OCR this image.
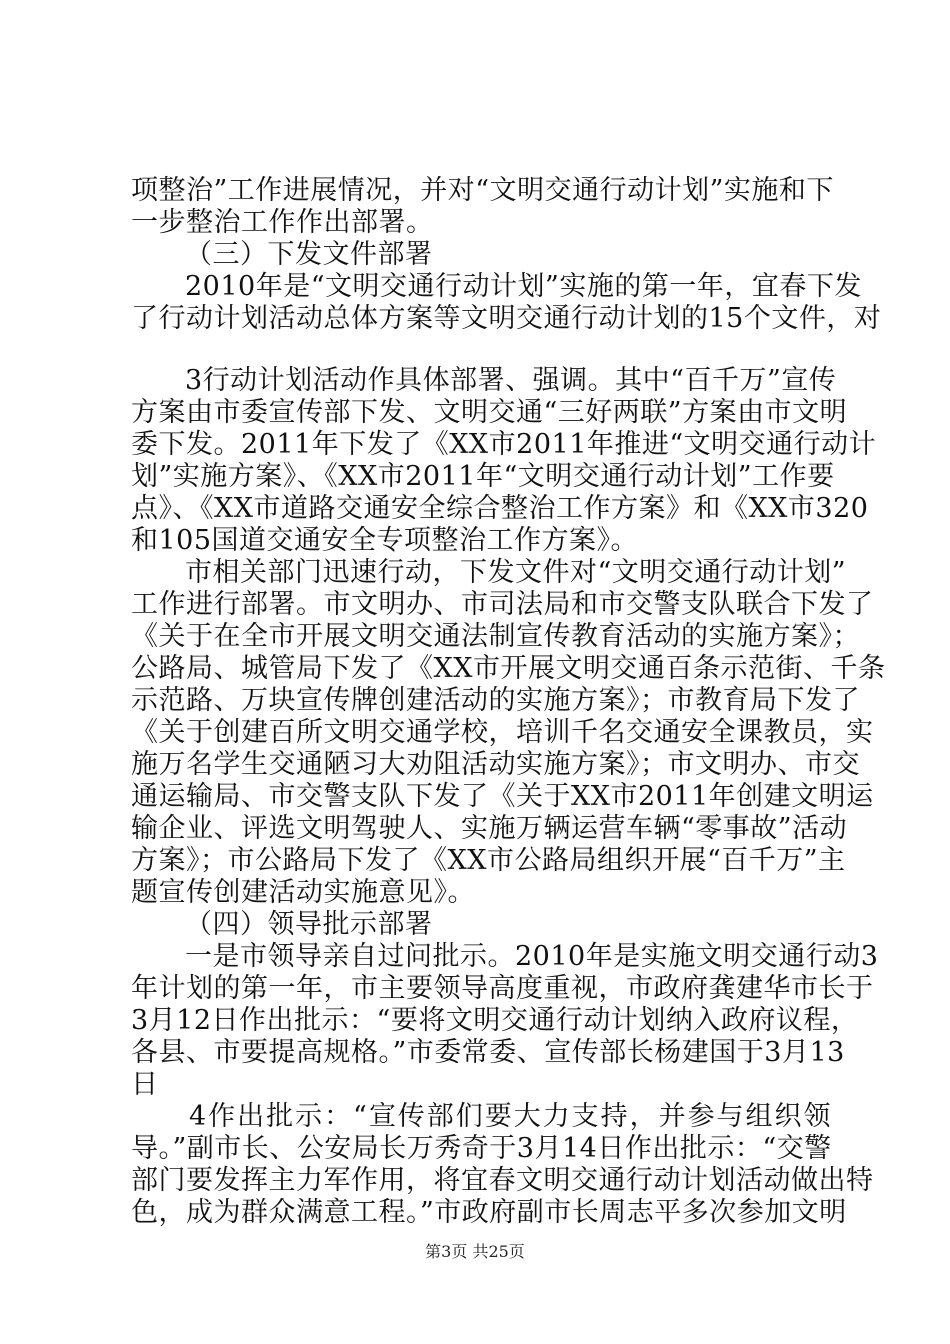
项整治”工作进展情况，并对“文明交通行动计划”实施和下
一步整治工作作出部署。
（三）下发文件部署
2010年是“文明交通行动计划”实施的第一年，宜春下发
了行动计划活动总体方案等文明交通行动计划的15个文件，对
3行动计划活动作具体部署、强调。其中“百千万”宣传
方案由市委宣传部下发、文明交通“三好两联”方案由市文明
委下发。2011年下发了《XX市2011年推进“文明交通行动计
划”实施方案》、《XX市2011年“文明交通行动计划”工作要
点》、《XX市道路交通安全综合整治工作方案》和《XX市320
和105国道交通安全专项整治工作方案》。
市相关部门迅速行动，下发文件对“文明交通行动计划”
工作进行部署。市文明办、市司法局和市交警支队联合下发了
《关于在全市开展文明交通法制宣传教育活动的实施方案》；
公路局、城管局下发了《XX市开展文明交通百条示范街、千条
示范路、万块宣传牌创建活动的实施方案》；市教育局下发了
《关于创建百所文明交通学校，培训千名交通安全课教员，实
施万名学生交通陋习大劝阻活动实施方案》；市文明办、市交
通运输局、市交警支队下发了《关于XX市2011年创建文明运
输企业、评选文明驾驶人、实施万辆运营车辆“零事故”活动
方案》；市公路局下发了《XX市公路局组织开展“百千万”主
题宣传创建活动实施意见》。
（四）领导批示部署
一是市领导亲自过问批示。2010年是实施文明交通行动3
年计划的第一年，市主要领导高度重视，市政府龚建华市长于
3月12日作出批示：“要将文明交通行动计划纳入政府议程，
各县、市要提高规格。”市委常委、宣传部长杨建国于3月13
日
4作出批示：“宣传部们要大力支持，并参与组织领
导。”副市长、公安局长万秀奇于3月14日作出批示：“交警
部门要发挥主力军作用，将宜春文明交通行动计划活动做出特
色，成为群众满意工程。”市政府副市长周志平多次参加文明
第3页 共25页
